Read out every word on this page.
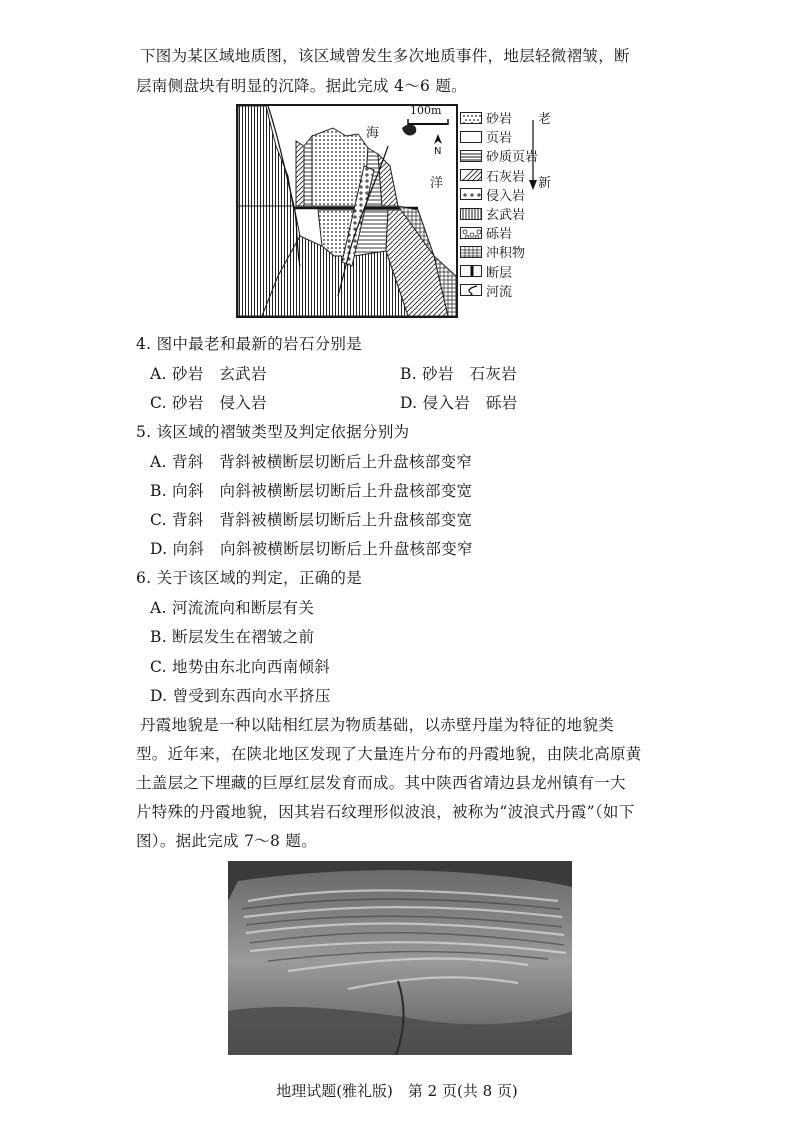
下图为某区域地质图，该区域曾发生多次地质事件，地层轻微褶皱，断
层南侧盘块有明显的沉降。据此完成 4～6 题。
100m
海
N
洋
砂岩
页岩
砂质页岩
石灰岩
侵入岩
玄武岩
砾岩
冲积物
断层
河流
老
新
4. 图中最老和最新的岩石分别是
A. 砂岩　玄武岩	B. 砂岩　石灰岩
C. 砂岩　侵入岩	D. 侵入岩　砾岩
5. 该区域的褶皱类型及判定依据分别为
A. 背斜　背斜被横断层切断后上升盘核部变窄
B. 向斜　向斜被横断层切断后上升盘核部变宽
C. 背斜　背斜被横断层切断后上升盘核部变宽
D. 向斜　向斜被横断层切断后上升盘核部变窄
6. 关于该区域的判定，正确的是
A. 河流流向和断层有关
B. 断层发生在褶皱之前
C. 地势由东北向西南倾斜
D. 曾受到东西向水平挤压
丹霞地貌是一种以陆相红层为物质基础，以赤壁丹崖为特征的地貌类
型。近年来，在陕北地区发现了大量连片分布的丹霞地貌，由陕北高原黄
土盖层之下埋藏的巨厚红层发育而成。其中陕西省靖边县龙州镇有一大
片特殊的丹霞地貌，因其岩石纹理形似波浪，被称为“波浪式丹霞”（如下
图）。据此完成 7～8 题。
地理试题(雅礼版)　第 2 页(共 8 页)
